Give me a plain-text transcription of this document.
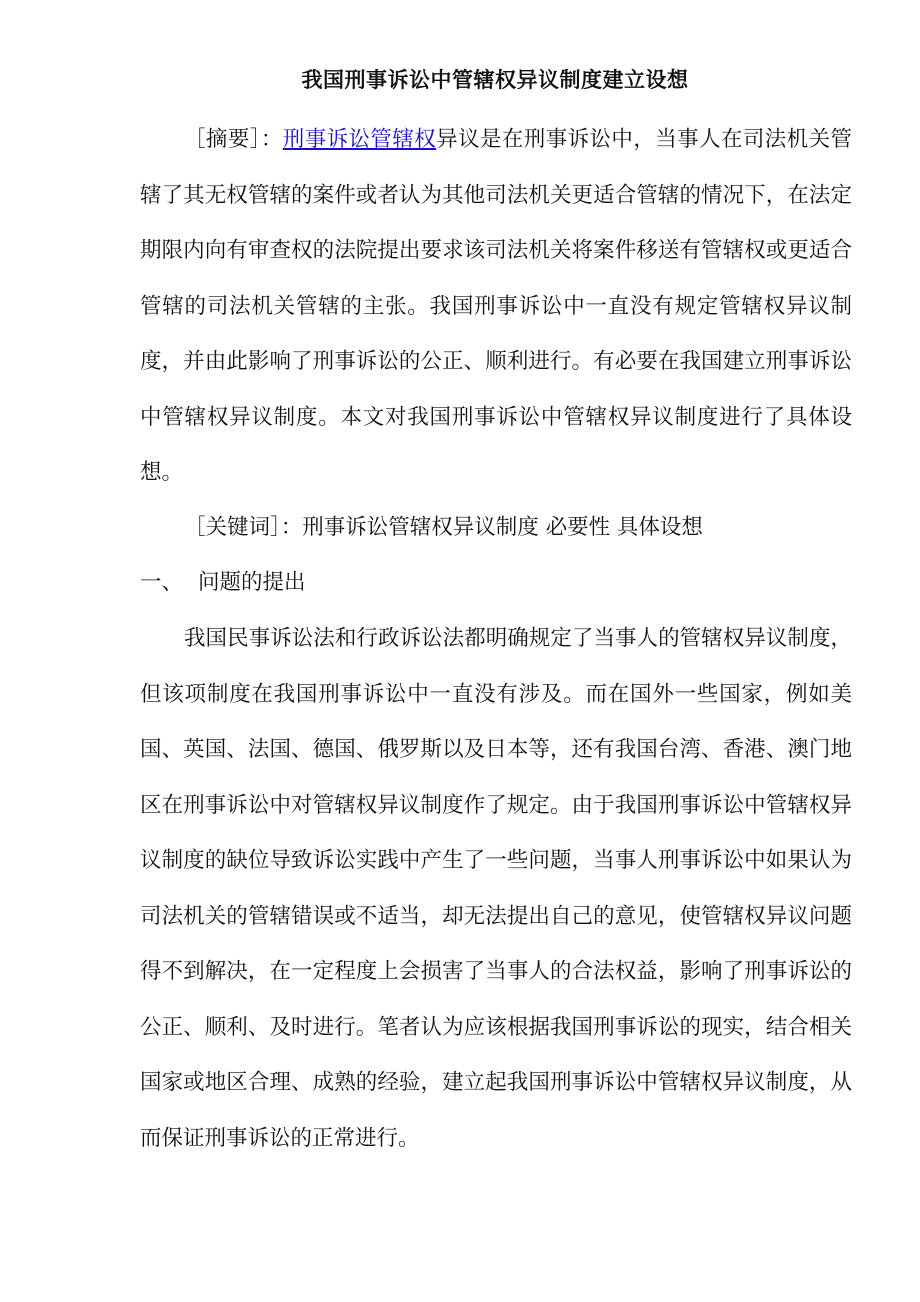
我国刑事诉讼中管辖权异议制度建立设想

［摘要］：刑事诉讼管辖权异议是在刑事诉讼中，当事人在司法机关管辖了其无权管辖的案件或者认为其他司法机关更适合管辖的情况下，在法定期限内向有审查权的法院提出要求该司法机关将案件移送有管辖权或更适合管辖的司法机关管辖的主张。我国刑事诉讼中一直没有规定管辖权异议制度，并由此影响了刑事诉讼的公正、顺利进行。有必要在我国建立刑事诉讼中管辖权异议制度。本文对我国刑事诉讼中管辖权异议制度进行了具体设想。

［关键词］：刑事诉讼管辖权异议制度 必要性 具体设想

一、 问题的提出

我国民事诉讼法和行政诉讼法都明确规定了当事人的管辖权异议制度，但该项制度在我国刑事诉讼中一直没有涉及。而在国外一些国家，例如美国、英国、法国、德国、俄罗斯以及日本等，还有我国台湾、香港、澳门地区在刑事诉讼中对管辖权异议制度作了规定。由于我国刑事诉讼中管辖权异议制度的缺位导致诉讼实践中产生了一些问题，当事人刑事诉讼中如果认为司法机关的管辖错误或不适当，却无法提出自己的意见，使管辖权异议问题得不到解决，在一定程度上会损害了当事人的合法权益，影响了刑事诉讼的公正、顺利、及时进行。笔者认为应该根据我国刑事诉讼的现实，结合相关国家或地区合理、成熟的经验，建立起我国刑事诉讼中管辖权异议制度，从而保证刑事诉讼的正常进行。
